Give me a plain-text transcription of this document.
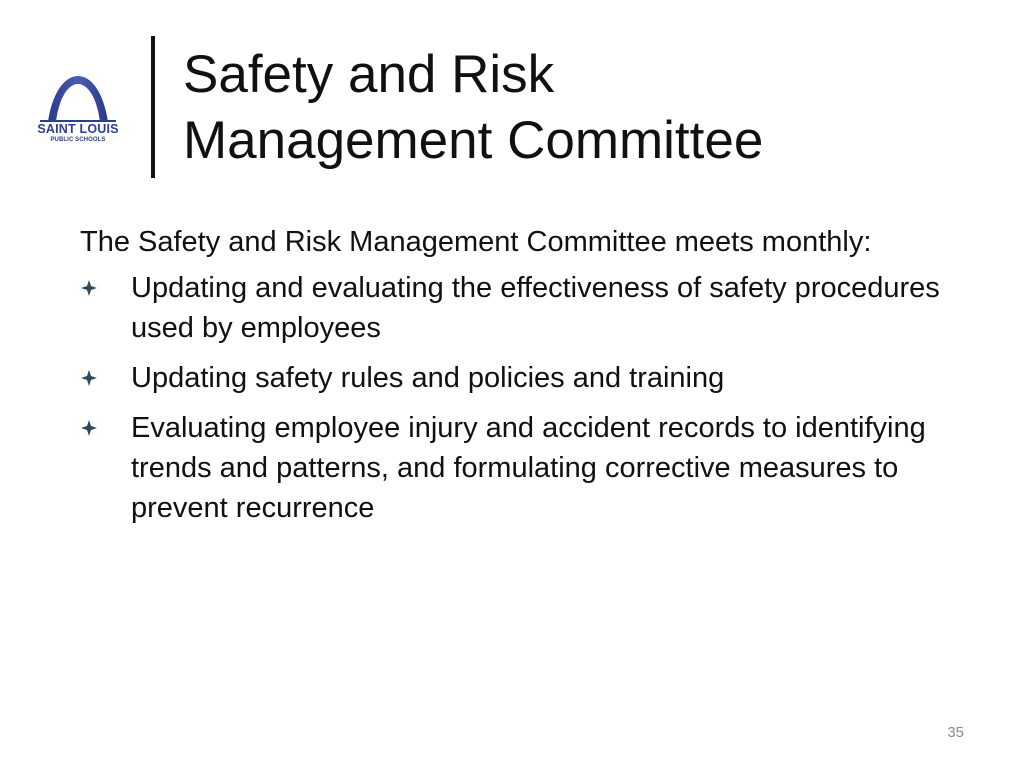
SAINT LOUIS
PUBLIC SCHOOLS
Safety and Risk
Management Committee

The Safety and Risk Management Committee meets monthly:

Updating and evaluating the effectiveness of safety procedures used by employees
Updating safety rules and policies and training
Evaluating employee injury and accident records to identifying trends and patterns, and formulating corrective measures to prevent recurrence
35
